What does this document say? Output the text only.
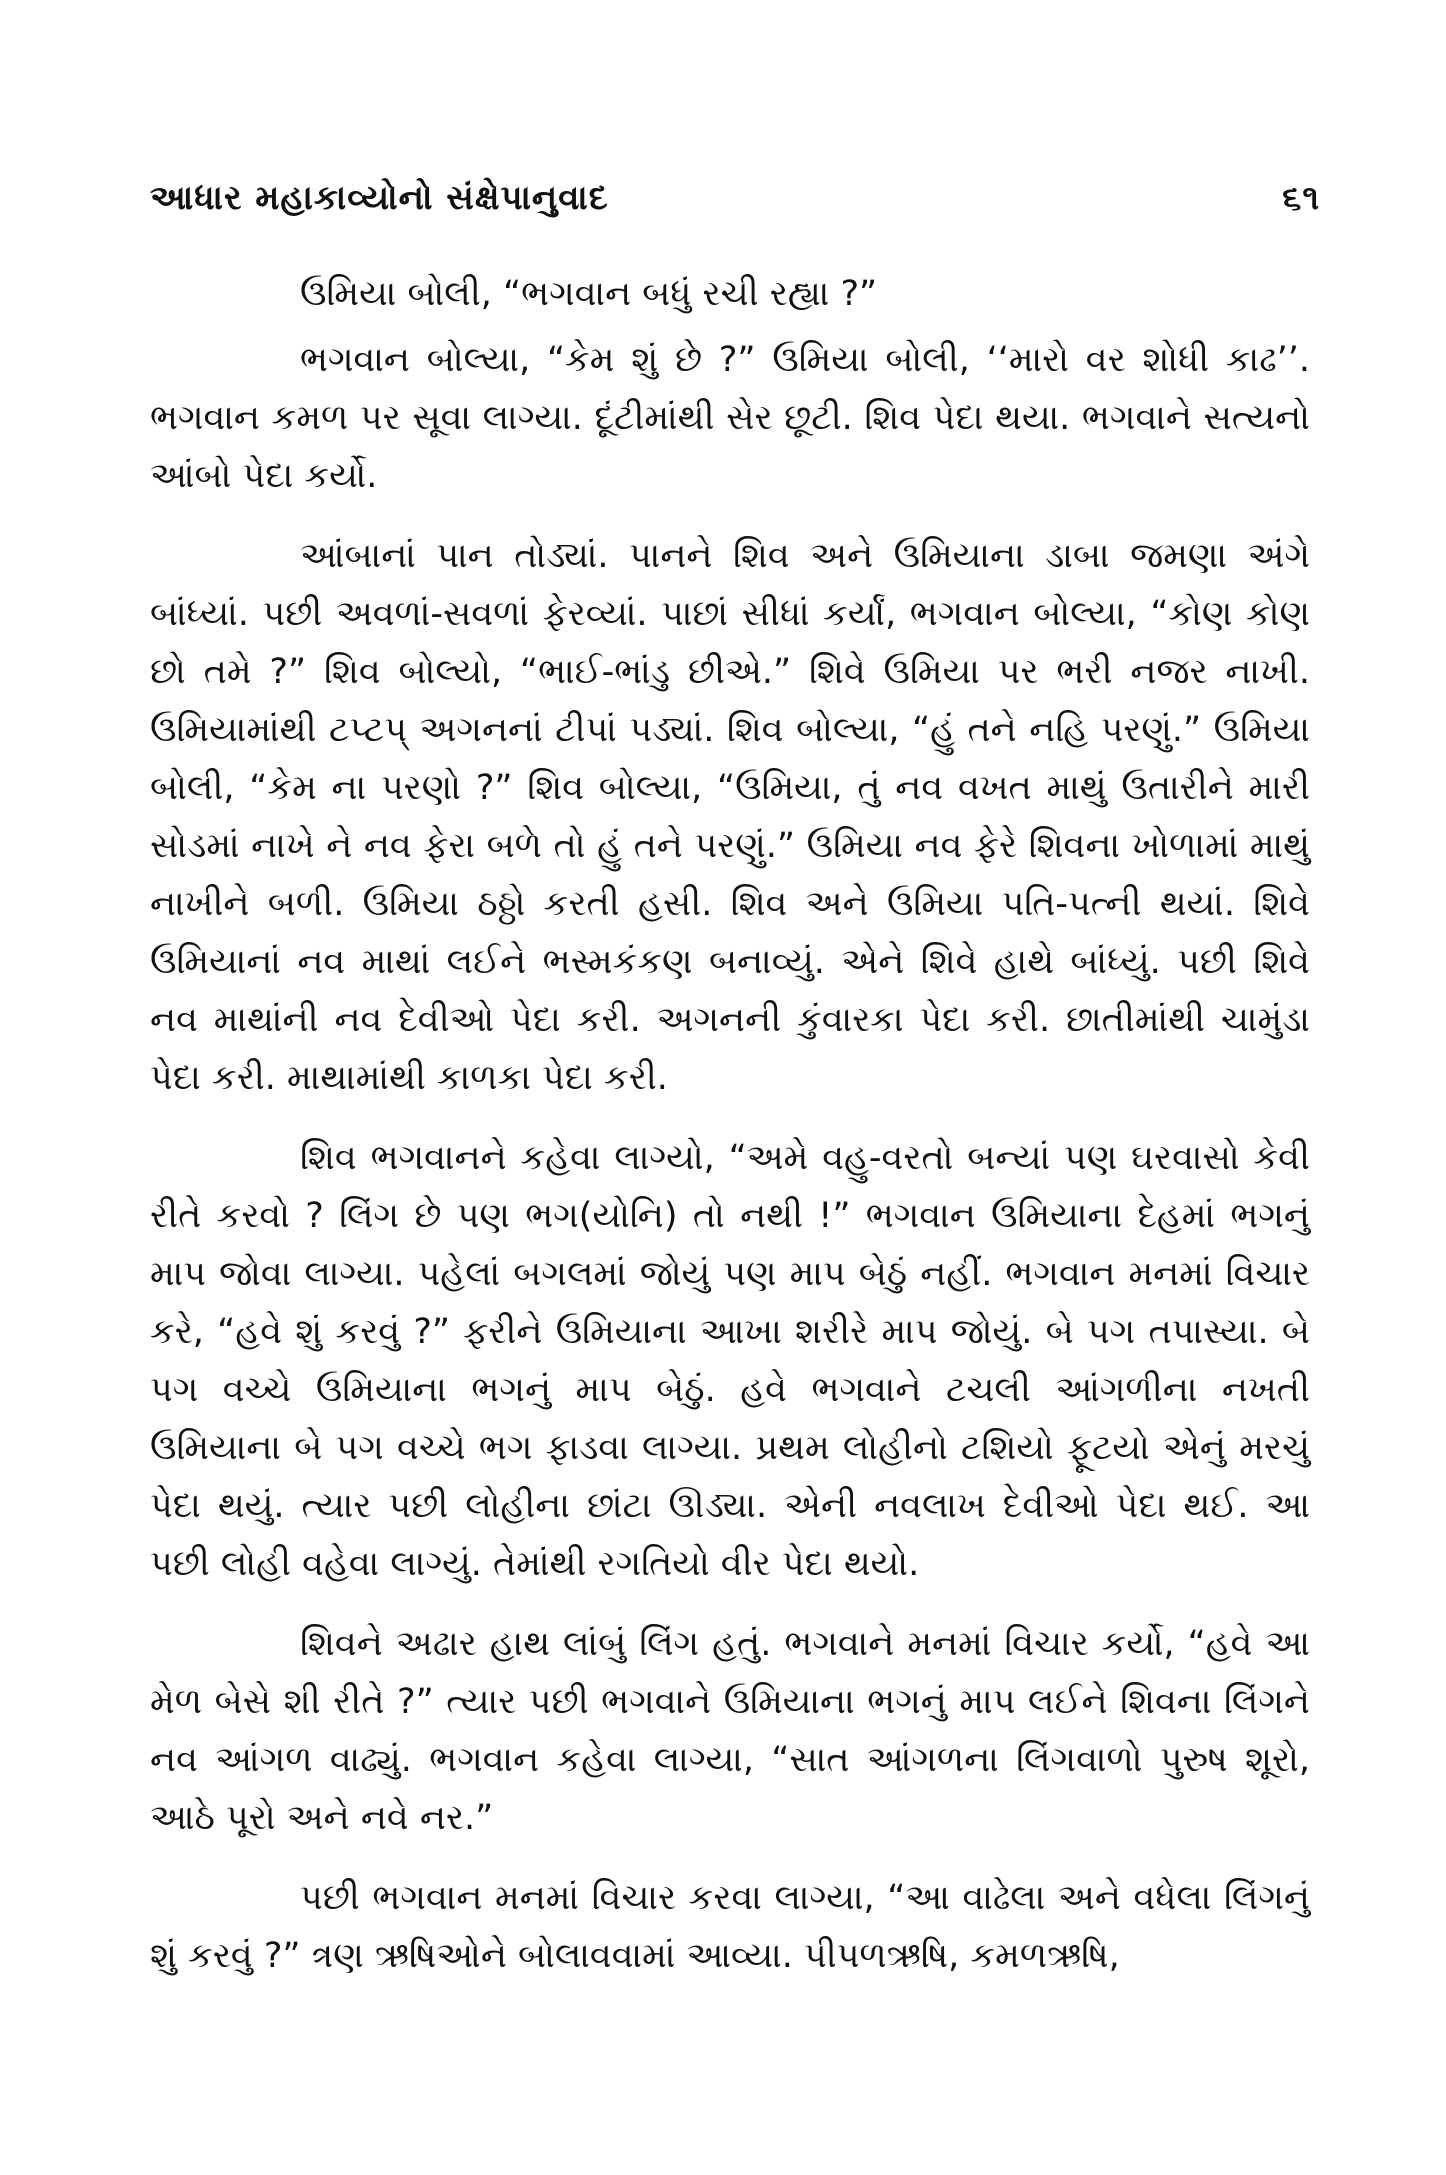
આધાર મહાકાવ્યોનો સંક્ષેપાનુવાદ	૬૧

ઉમિયા બોલી, “ભગવાન બધું રચી રહ્યા ?”

ભગવાન બોલ્યા, “કેમ શું છે ?” ઉમિયા બોલી, ‘‘મારો વર શોધી કાઢ’’. ભગવાન કમળ પર સૂવા લાગ્યા. દૂંટીમાંથી સેર છૂટી. શિવ પેદા થયા. ભગવાને સત્યનો આંબો પેદા કર્યો.

આંબાનાં પાન તોડ્યાં. પાનને શિવ અને ઉમિયાના ડાબા જમણા અંગે બાંધ્યાં. પછી અવળાં-સવળાં ફેરવ્યાં. પાછાં સીધાં કર્યાં, ભગવાન બોલ્યા, “કોણ કોણ છો તમે ?” શિવ બોલ્યો, “ભાઈ-ભાંડુ છીએ.” શિવે ઉમિયા પર ભરી નજર નાખી. ઉમિયામાંથી ટપ્ટપ્ અગનનાં ટીપાં પડ્યાં. શિવ બોલ્યા, “હું તને નહિ પરણું.” ઉમિયા બોલી, “કેમ ના પરણો ?” શિવ બોલ્યા, “ઉમિયા, તું નવ વખત માથું ઉતારીને મારી સોડમાં નાખે ને નવ ફેરા બળે તો હું તને પરણું.” ઉમિયા નવ ફેરે શિવના ખોળામાં માથું નાખીને બળી. ઉમિયા ઠઠ્ઠો કરતી હસી. શિવ અને ઉમિયા પતિ-પત્ની થયાં. શિવે ઉમિયાનાં નવ માથાં લઈને ભસ્મકંકણ બનાવ્યું. એને શિવે હાથે બાંધ્યું. પછી શિવે નવ માથાંની નવ દેવીઓ પેદા કરી. અગનની કુંવારકા પેદા કરી. છાતીમાંથી ચામુંડા પેદા કરી. માથામાંથી કાળકા પેદા કરી.

શિવ ભગવાનને કહેવા લાગ્યો, “અમે વહુ-વરતો બન્યાં પણ ઘરવાસો કેવી રીતે કરવો ? લિંગ છે પણ ભગ(યોનિ) તો નથી !” ભગવાન ઉમિયાના દેહમાં ભગનું માપ જોવા લાગ્યા. પહેલાં બગલમાં જોયું પણ માપ બેઠું નહીં. ભગવાન મનમાં વિચાર કરે, “હવે શું કરવું ?” ફરીને ઉમિયાના આખા શરીરે માપ જોયું. બે પગ તપાસ્યા. બે પગ વચ્ચે ઉમિયાના ભગનું માપ બેઠું. હવે ભગવાને ટચલી આંગળીના નખતી ઉમિયાના બે પગ વચ્ચે ભગ ફાડવા લાગ્યા. પ્રથમ લોહીનો ટશિયો ફૂટયો એનું મરચું પેદા થયું. ત્યાર પછી લોહીના છાંટા ઊડ્યા. એની નવલાખ દેવીઓ પેદા થઈ. આ પછી લોહી વહેવા લાગ્યું. તેમાંથી રગતિયો વીર પેદા થયો.

શિવને અઢાર હાથ લાંબું લિંગ હતું. ભગવાને મનમાં વિચાર કર્યો, “હવે આ મેળ બેસે શી રીતે ?” ત્યાર પછી ભગવાને ઉમિયાના ભગનું માપ લઈને શિવના લિંગને નવ આંગળ વાઢ્યું. ભગવાન કહેવા લાગ્યા, “સાત આંગળના લિંગવાળો પુરુષ શૂરો, આઠે પૂરો અને નવે નર.”

પછી ભગવાન મનમાં વિચાર કરવા લાગ્યા, “આ વાઢેલા અને વધેલા લિંગનું શું કરવું ?” ત્રણ ઋષિઓને બોલાવવામાં આવ્યા. પીપળઋષિ, કમળઋષિ,
